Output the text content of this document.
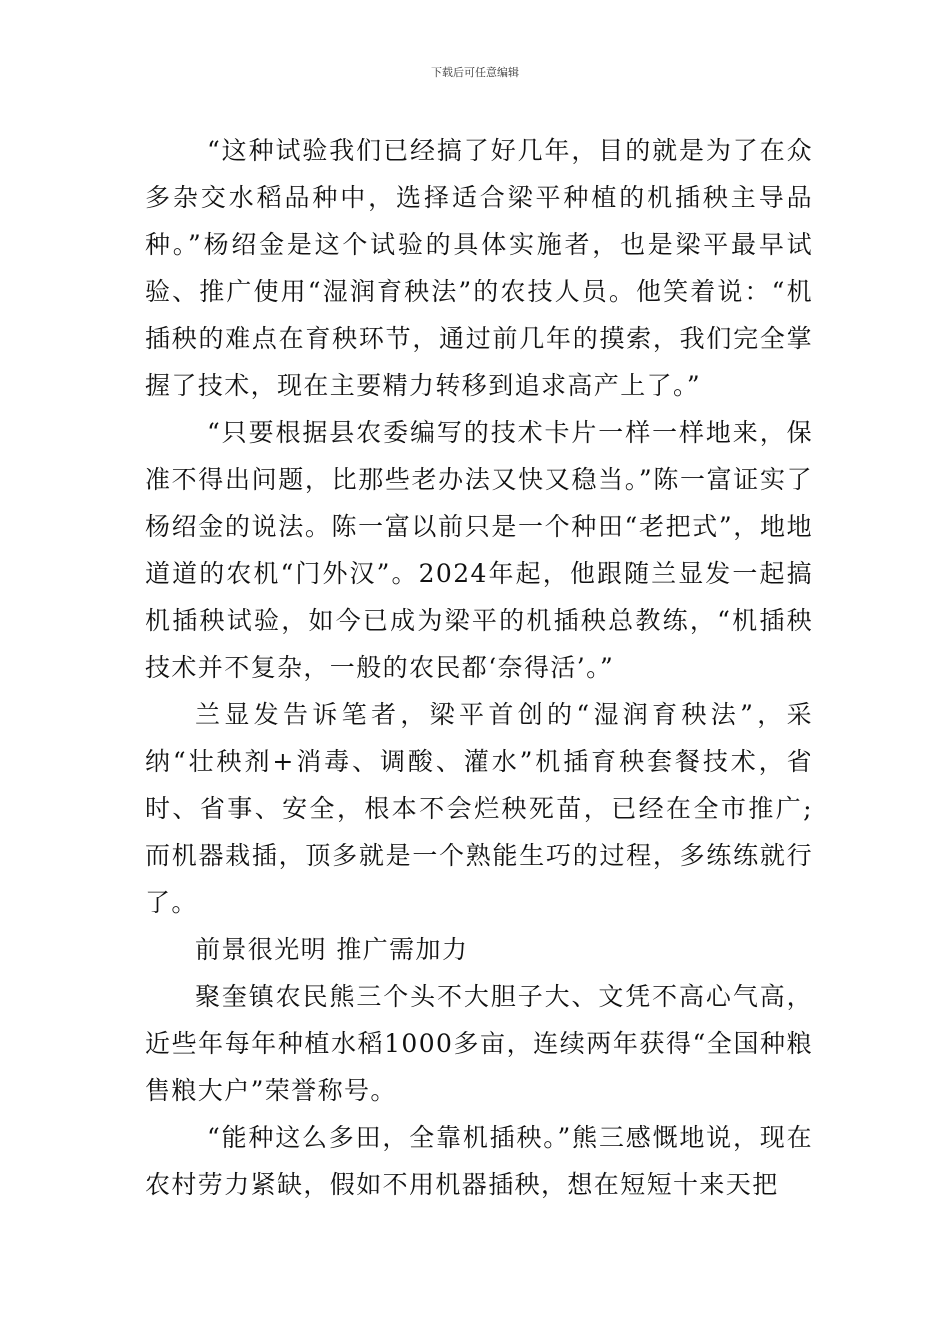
下载后可任意编辑

“这种试验我们已经搞了好几年，目的就是为了在众多杂交水稻品种中，选择适合梁平种植的机插秧主导品种。”杨绍金是这个试验的具体实施者，也是梁平最早试验、推广使用“湿润育秧法”的农技人员。他笑着说：“机插秧的难点在育秧环节，通过前几年的摸索，我们完全掌握了技术，现在主要精力转移到追求高产上了。”

“只要根据县农委编写的技术卡片一样一样地来，保准不得出问题，比那些老办法又快又稳当。”陈一富证实了杨绍金的说法。陈一富以前只是一个种田“老把式”，地地道道的农机“门外汉”。2024年起，他跟随兰显发一起搞机插秧试验，如今已成为梁平的机插秧总教练，“机插秧技术并不复杂，一般的农民都‘奈得活’。”

兰显发告诉笔者，梁平首创的“湿润育秧法”，采纳“壮秧剂+消毒、调酸、灌水”机插育秧套餐技术，省时、省事、安全，根本不会烂秧死苗，已经在全市推广;而机器栽插，顶多就是一个熟能生巧的过程，多练练就行了。

前景很光明 推广需加力

聚奎镇农民熊三个头不大胆子大、文凭不高心气高，近些年每年种植水稻1000多亩，连续两年获得“全国种粮售粮大户”荣誉称号。

“能种这么多田，全靠机插秧。”熊三感慨地说，现在农村劳力紧缺，假如不用机器插秧，想在短短十来天把
